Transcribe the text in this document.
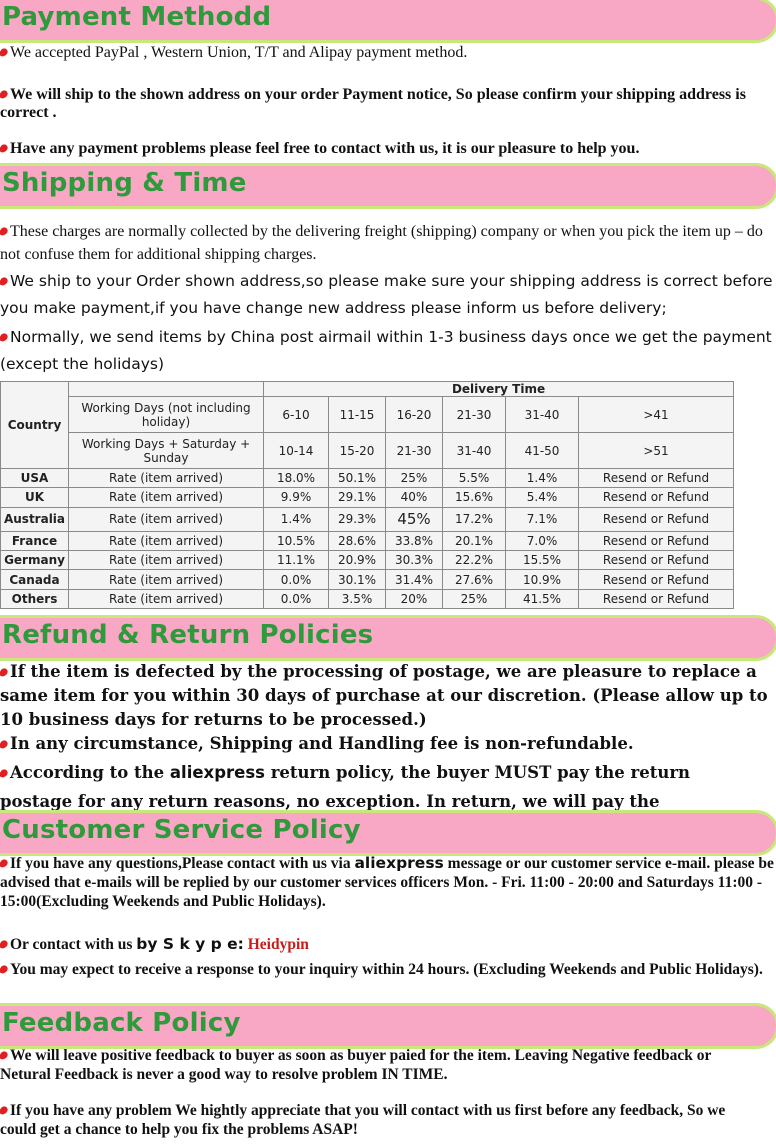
Payment Methodd

We accepted PayPal , Western Union, T/T and Alipay payment method.

We will ship to the shown address on your order Payment notice, So please confirm your shipping address is correct .

Have any payment problems please feel free to contact with us, it is our pleasure to help you.

Shipping & Time

These charges are normally collected by the delivering freight (shipping) company or when you pick the item up – do not confuse them for additional shipping charges.

We ship to your Order shown address,so please make sure your shipping address is correct before you make payment,if you have change new address please inform us before delivery;

Normally, we send items by China post airmail within 1-3 business days once we get the payment (except the holidays)

Country		Delivery Time					
	Working Days (not including holiday)	6-10	11-15	16-20	21-30	31-40	>41
	Working Days + Saturday + Sunday	10-14	15-20	21-30	31-40	41-50	>51
USA	Rate (item arrived)	18.0%	50.1%	25%	5.5%	1.4%	Resend or Refund
UK	Rate (item arrived)	9.9%	29.1%	40%	15.6%	5.4%	Resend or Refund
Australia	Rate (item arrived)	1.4%	29.3%	45%	17.2%	7.1%	Resend or Refund
France	Rate (item arrived)	10.5%	28.6%	33.8%	20.1%	7.0%	Resend or Refund
Germany	Rate (item arrived)	11.1%	20.9%	30.3%	22.2%	15.5%	Resend or Refund
Canada	Rate (item arrived)	0.0%	30.1%	31.4%	27.6%	10.9%	Resend or Refund
Others	Rate (item arrived)	0.0%	3.5%	20%	25%	41.5%	Resend or Refund
Refund & Return Policies

If the item is defected by the processing of postage, we are pleasure to replace a same item for you within 30 days of purchase at our discretion. (Please allow up to 10 business days for returns to be processed.)

In any circumstance, Shipping and Handling fee is non-refundable.

According to the aliexpress return policy, the buyer MUST pay the return postage for any return reasons, no exception. In return, we will pay the

Customer Service Policy

If you have any questions,Please contact with us via aliexpress message or our customer service e-mail. please be advised that e-mails will be replied by our customer services officers Mon. - Fri. 11:00 - 20:00 and Saturdays 11:00 - 15:00(Excluding Weekends and Public Holidays).

Or contact with us by S k y p e: Heidypin

You may expect to receive a response to your inquiry within 24 hours. (Excluding Weekends and Public Holidays).

Feedback Policy

We will leave positive feedback to buyer as soon as buyer paied for the item. Leaving Negative feedback or Netural Feedback is never a good way to resolve problem IN TIME.

If you have any problem We hightly appreciate that you will contact with us first before any feedback, So we could get a chance to help you fix the problems ASAP!
